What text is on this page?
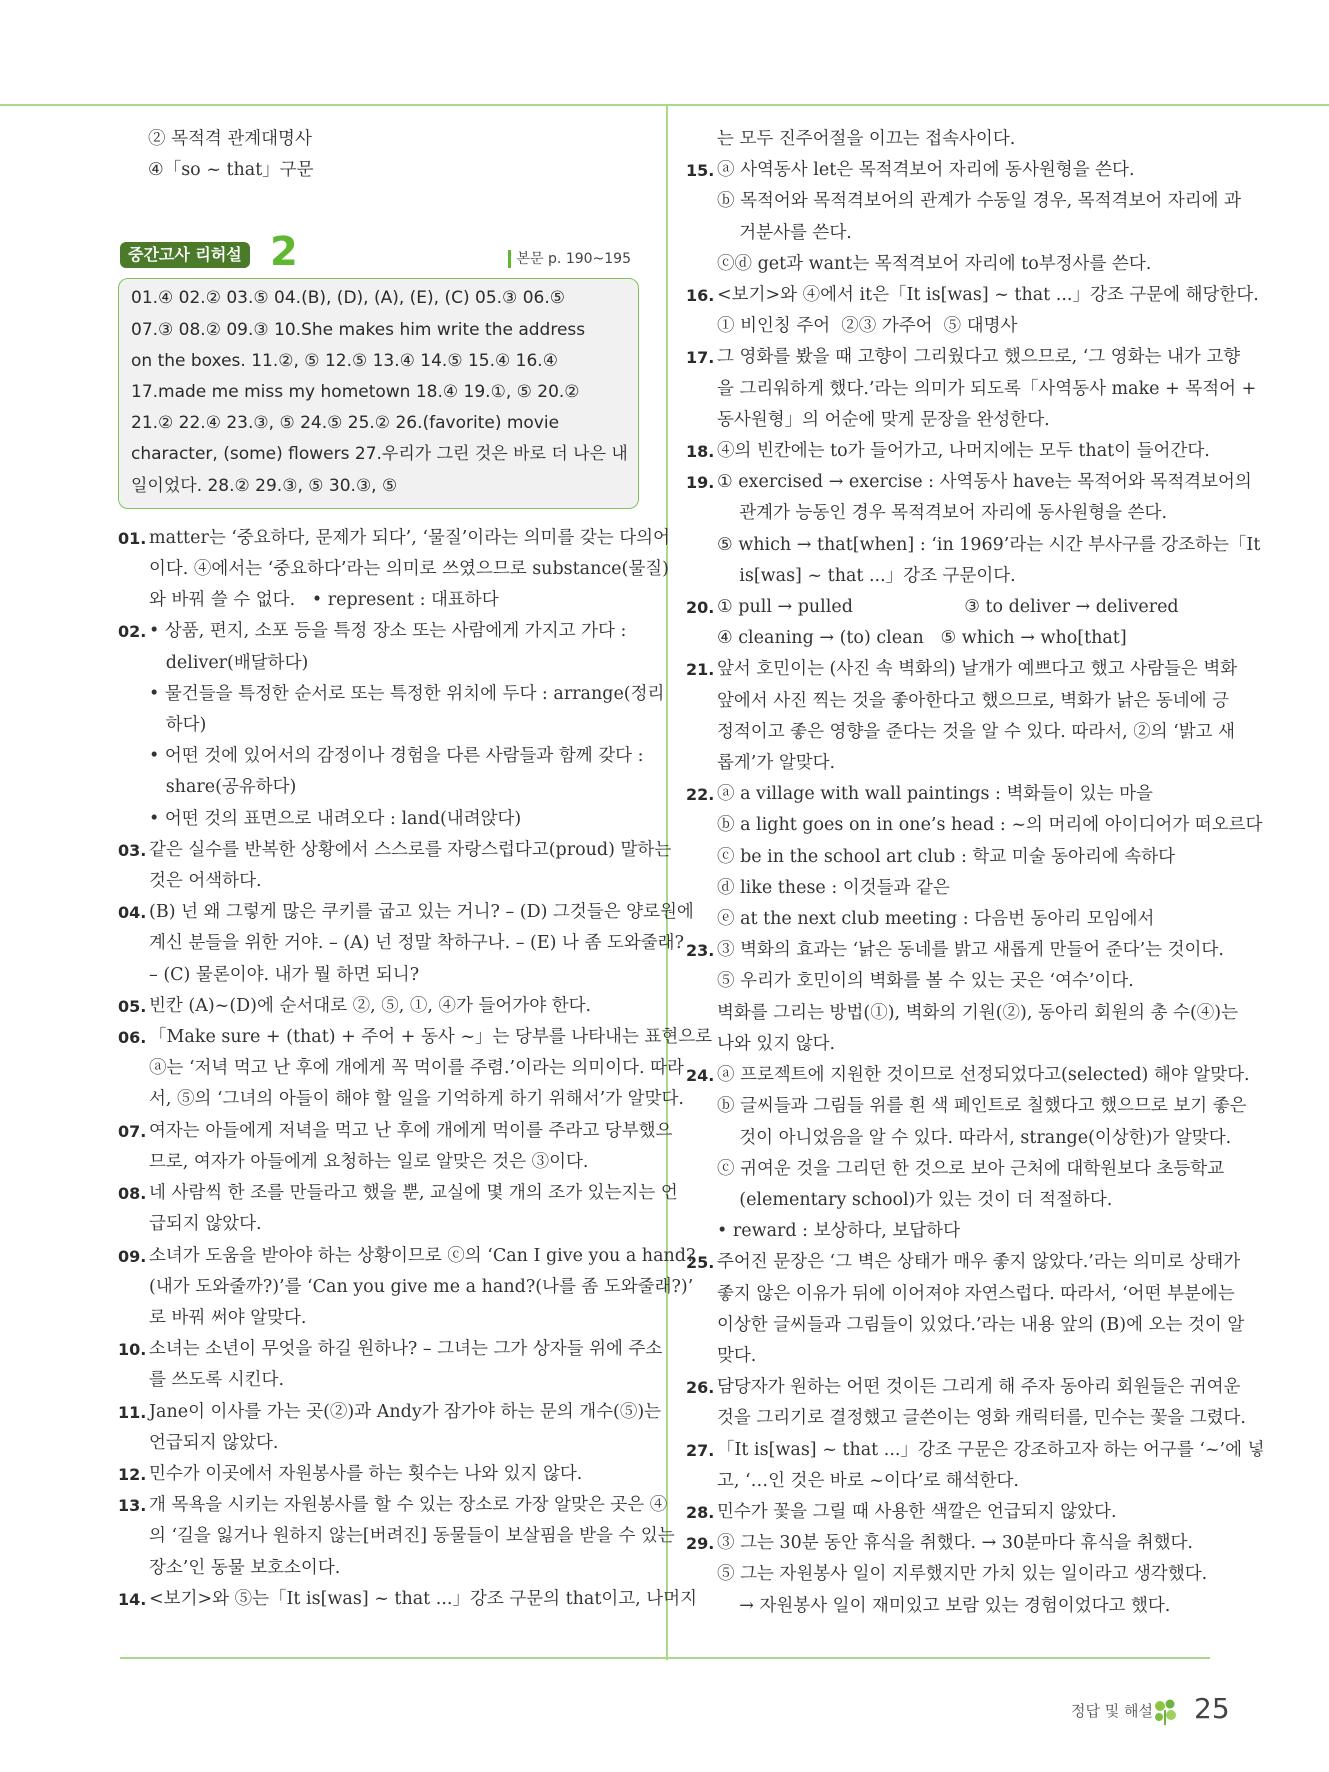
② 목적격 관계대명사
④「so ~ that」구문
중간고사 리허설 2	본문 p. 190~195
01.④ 02.② 03.⑤ 04.(B), (D), (A), (E), (C) 05.③ 06.⑤
07.③ 08.② 09.③ 10.She makes him write the address
on the boxes. 11.②, ⑤ 12.⑤ 13.④ 14.⑤ 15.④ 16.④
17.made me miss my hometown 18.④ 19.①, ⑤ 20.②
21.② 22.④ 23.③, ⑤ 24.⑤ 25.② 26.(favorite) movie
character, (some) flowers 27.우리가 그린 것은 바로 더 나은 내
일이었다. 28.② 29.③, ⑤ 30.③, ⑤
01. matter는 ‘중요하다, 문제가 되다’, ‘물질’이라는 의미를 갖는 다의어
이다. ④에서는 ‘중요하다’라는 의미로 쓰였으므로 substance(물질)
와 바꿔 쓸 수 없다.   • represent : 대표하다
02. • 상품, 편지, 소포 등을 특정 장소 또는 사람에게 가지고 가다 :
deliver(배달하다)
• 물건들을 특정한 순서로 또는 특정한 위치에 두다 : arrange(정리
하다)
• 어떤 것에 있어서의 감정이나 경험을 다른 사람들과 함께 갖다 :
share(공유하다)
• 어떤 것의 표면으로 내려오다 : land(내려앉다)
03. 같은 실수를 반복한 상황에서 스스로를 자랑스럽다고(proud) 말하는
것은 어색하다.
04. (B) 넌 왜 그렇게 많은 쿠키를 굽고 있는 거니? – (D) 그것들은 양로원에
계신 분들을 위한 거야. – (A) 넌 정말 착하구나. – (E) 나 좀 도와줄래?
– (C) 물론이야. 내가 뭘 하면 되니?
05. 빈칸 (A)~(D)에 순서대로 ②, ⑤, ①, ④가 들어가야 한다.
06. 「Make sure + (that) + 주어 + 동사 ~」는 당부를 나타내는 표현으로
ⓐ는 ‘저녁 먹고 난 후에 개에게 꼭 먹이를 주렴.’이라는 의미이다. 따라
서, ⑤의 ‘그녀의 아들이 해야 할 일을 기억하게 하기 위해서’가 알맞다.
07. 여자는 아들에게 저녁을 먹고 난 후에 개에게 먹이를 주라고 당부했으
므로, 여자가 아들에게 요청하는 일로 알맞은 것은 ③이다.
08. 네 사람씩 한 조를 만들라고 했을 뿐, 교실에 몇 개의 조가 있는지는 언
급되지 않았다.
09. 소녀가 도움을 받아야 하는 상황이므로 ⓒ의 ‘Can I give you a hand?
(내가 도와줄까?)’를 ‘Can you give me a hand?(나를 좀 도와줄래?)’
로 바꿔 써야 알맞다.
10. 소녀는 소년이 무엇을 하길 원하나? – 그녀는 그가 상자들 위에 주소
를 쓰도록 시킨다.
11. Jane이 이사를 가는 곳(②)과 Andy가 잠가야 하는 문의 개수(⑤)는
언급되지 않았다.
12. 민수가 이곳에서 자원봉사를 하는 횟수는 나와 있지 않다.
13. 개 목욕을 시키는 자원봉사를 할 수 있는 장소로 가장 알맞은 곳은 ④
의 ‘길을 잃거나 원하지 않는[버려진] 동물들이 보살핌을 받을 수 있는
장소’인 동물 보호소이다.
14. <보기>와 ⑤는「It is[was] ~ that ...」강조 구문의 that이고, 나머지
는 모두 진주어절을 이끄는 접속사이다.
15. ⓐ 사역동사 let은 목적격보어 자리에 동사원형을 쓴다.
ⓑ 목적어와 목적격보어의 관계가 수동일 경우, 목적격보어 자리에 과
거분사를 쓴다.
ⓒⓓ get과 want는 목적격보어 자리에 to부정사를 쓴다.
16. <보기>와 ④에서 it은「It is[was] ~ that ...」강조 구문에 해당한다.
① 비인칭 주어  ②③ 가주어  ⑤ 대명사
17. 그 영화를 봤을 때 고향이 그리웠다고 했으므로, ‘그 영화는 내가 고향
을 그리워하게 했다.’라는 의미가 되도록「사역동사 make + 목적어 +
동사원형」의 어순에 맞게 문장을 완성한다.
18. ④의 빈칸에는 to가 들어가고, 나머지에는 모두 that이 들어간다.
19. ① exercised → exercise : 사역동사 have는 목적어와 목적격보어의
관계가 능동인 경우 목적격보어 자리에 동사원형을 쓴다.
⑤ which → that[when] : ‘in 1969’라는 시간 부사구를 강조하는「It
is[was] ~ that ...」강조 구문이다.
20. ① pull → pulled                    ③ to deliver → delivered
④ cleaning → (to) clean   ⑤ which → who[that]
21. 앞서 호민이는 (사진 속 벽화의) 날개가 예쁘다고 했고 사람들은 벽화
앞에서 사진 찍는 것을 좋아한다고 했으므로, 벽화가 낡은 동네에 긍
정적이고 좋은 영향을 준다는 것을 알 수 있다. 따라서, ②의 ‘밝고 새
롭게’가 알맞다.
22. ⓐ a village with wall paintings : 벽화들이 있는 마을
ⓑ a light goes on in one’s head : ~의 머리에 아이디어가 떠오르다
ⓒ be in the school art club : 학교 미술 동아리에 속하다
ⓓ like these : 이것들과 같은
ⓔ at the next club meeting : 다음번 동아리 모임에서
23. ③ 벽화의 효과는 ‘낡은 동네를 밝고 새롭게 만들어 준다’는 것이다.
⑤ 우리가 호민이의 벽화를 볼 수 있는 곳은 ‘여수’이다.
벽화를 그리는 방법(①), 벽화의 기원(②), 동아리 회원의 총 수(④)는
나와 있지 않다.
24. ⓐ 프로젝트에 지원한 것이므로 선정되었다고(selected) 해야 알맞다.
ⓑ 글씨들과 그림들 위를 흰 색 페인트로 칠했다고 했으므로 보기 좋은
것이 아니었음을 알 수 있다. 따라서, strange(이상한)가 알맞다.
ⓒ 귀여운 것을 그리던 한 것으로 보아 근처에 대학원보다 초등학교
(elementary school)가 있는 것이 더 적절하다.
• reward : 보상하다, 보답하다
25. 주어진 문장은 ‘그 벽은 상태가 매우 좋지 않았다.’라는 의미로 상태가
좋지 않은 이유가 뒤에 이어져야 자연스럽다. 따라서, ‘어떤 부분에는
이상한 글씨들과 그림들이 있었다.’라는 내용 앞의 (B)에 오는 것이 알
맞다.
26. 담당자가 원하는 어떤 것이든 그리게 해 주자 동아리 회원들은 귀여운
것을 그리기로 결정했고 글쓴이는 영화 캐릭터를, 민수는 꽃을 그렸다.
27. 「It is[was] ~ that ...」강조 구문은 강조하고자 하는 어구를 ‘~’에 넣
고, ‘…인 것은 바로 ~이다’로 해석한다.
28. 민수가 꽃을 그릴 때 사용한 색깔은 언급되지 않았다.
29. ③ 그는 30분 동안 휴식을 취했다. → 30분마다 휴식을 취했다.
⑤ 그는 자원봉사 일이 지루했지만 가치 있는 일이라고 생각했다.
→ 자원봉사 일이 재미있고 보람 있는 경험이었다고 했다.
정답 및 해설 25
